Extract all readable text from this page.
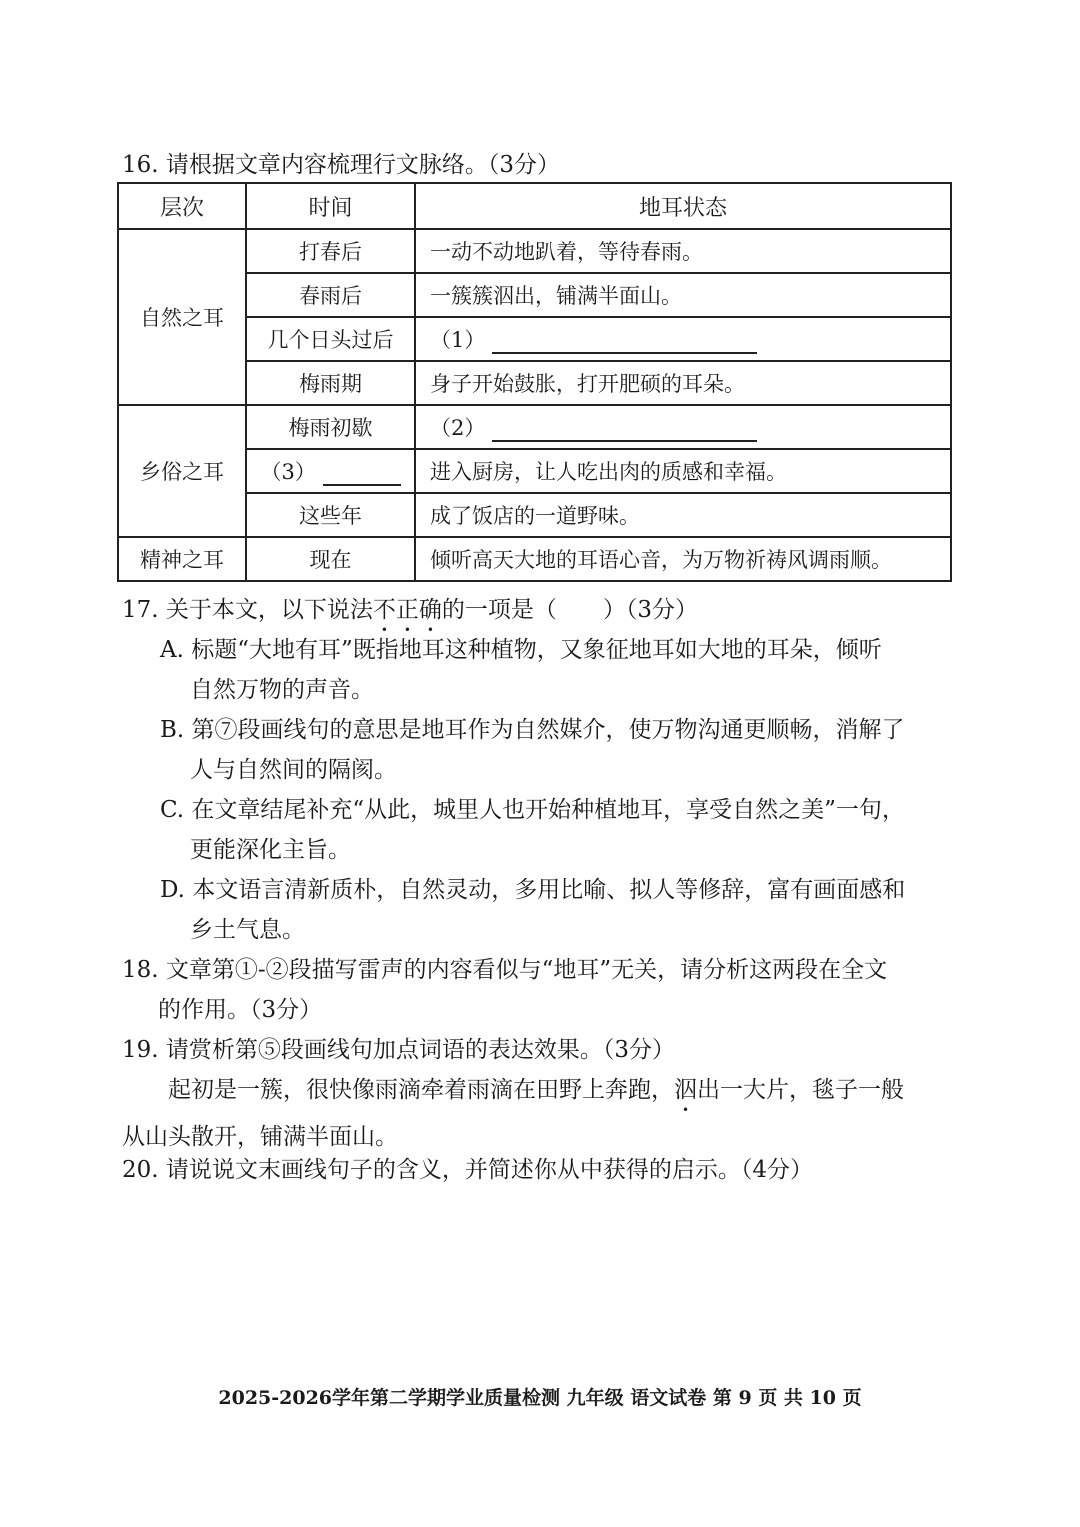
16. 请根据文章内容梳理行文脉络。（3分）
层次	时间	地耳状态
自然之耳	打春后	一动不动地趴着，等待春雨。
	春雨后	一簇簇泅出，铺满半面山。
	几个日头过后	（1）
	梅雨期	身子开始鼓胀，打开肥硕的耳朵。
乡俗之耳	梅雨初歇	（2）
	（3）	进入厨房，让人吃出肉的质感和幸福。
	这些年	成了饭店的一道野味。
精神之耳	现在	倾听高天大地的耳语心音，为万物祈祷风调雨顺。
17. 关于本文，以下说法不正确的一项是（　　）（3分）
A. 标题“大地有耳”既指地耳这种植物，又象征地耳如大地的耳朵，倾听
自然万物的声音。
B. 第⑦段画线句的意思是地耳作为自然媒介，使万物沟通更顺畅，消解了
人与自然间的隔阂。
C. 在文章结尾补充“从此，城里人也开始种植地耳，享受自然之美”一句，
更能深化主旨。
D. 本文语言清新质朴，自然灵动，多用比喻、拟人等修辞，富有画面感和
乡土气息。
18. 文章第①-②段描写雷声的内容看似与“地耳”无关，请分析这两段在全文
的作用。（3分）
19. 请赏析第⑤段画线句加点词语的表达效果。（3分）
起初是一簇，很快像雨滴牵着雨滴在田野上奔跑，泅出一大片，毯子一般
从山头散开，铺满半面山。
20. 请说说文末画线句子的含义，并简述你从中获得的启示。（4分）
2025-2026学年第二学期学业质量检测 九年级 语文试卷 第 9 页 共 10 页
